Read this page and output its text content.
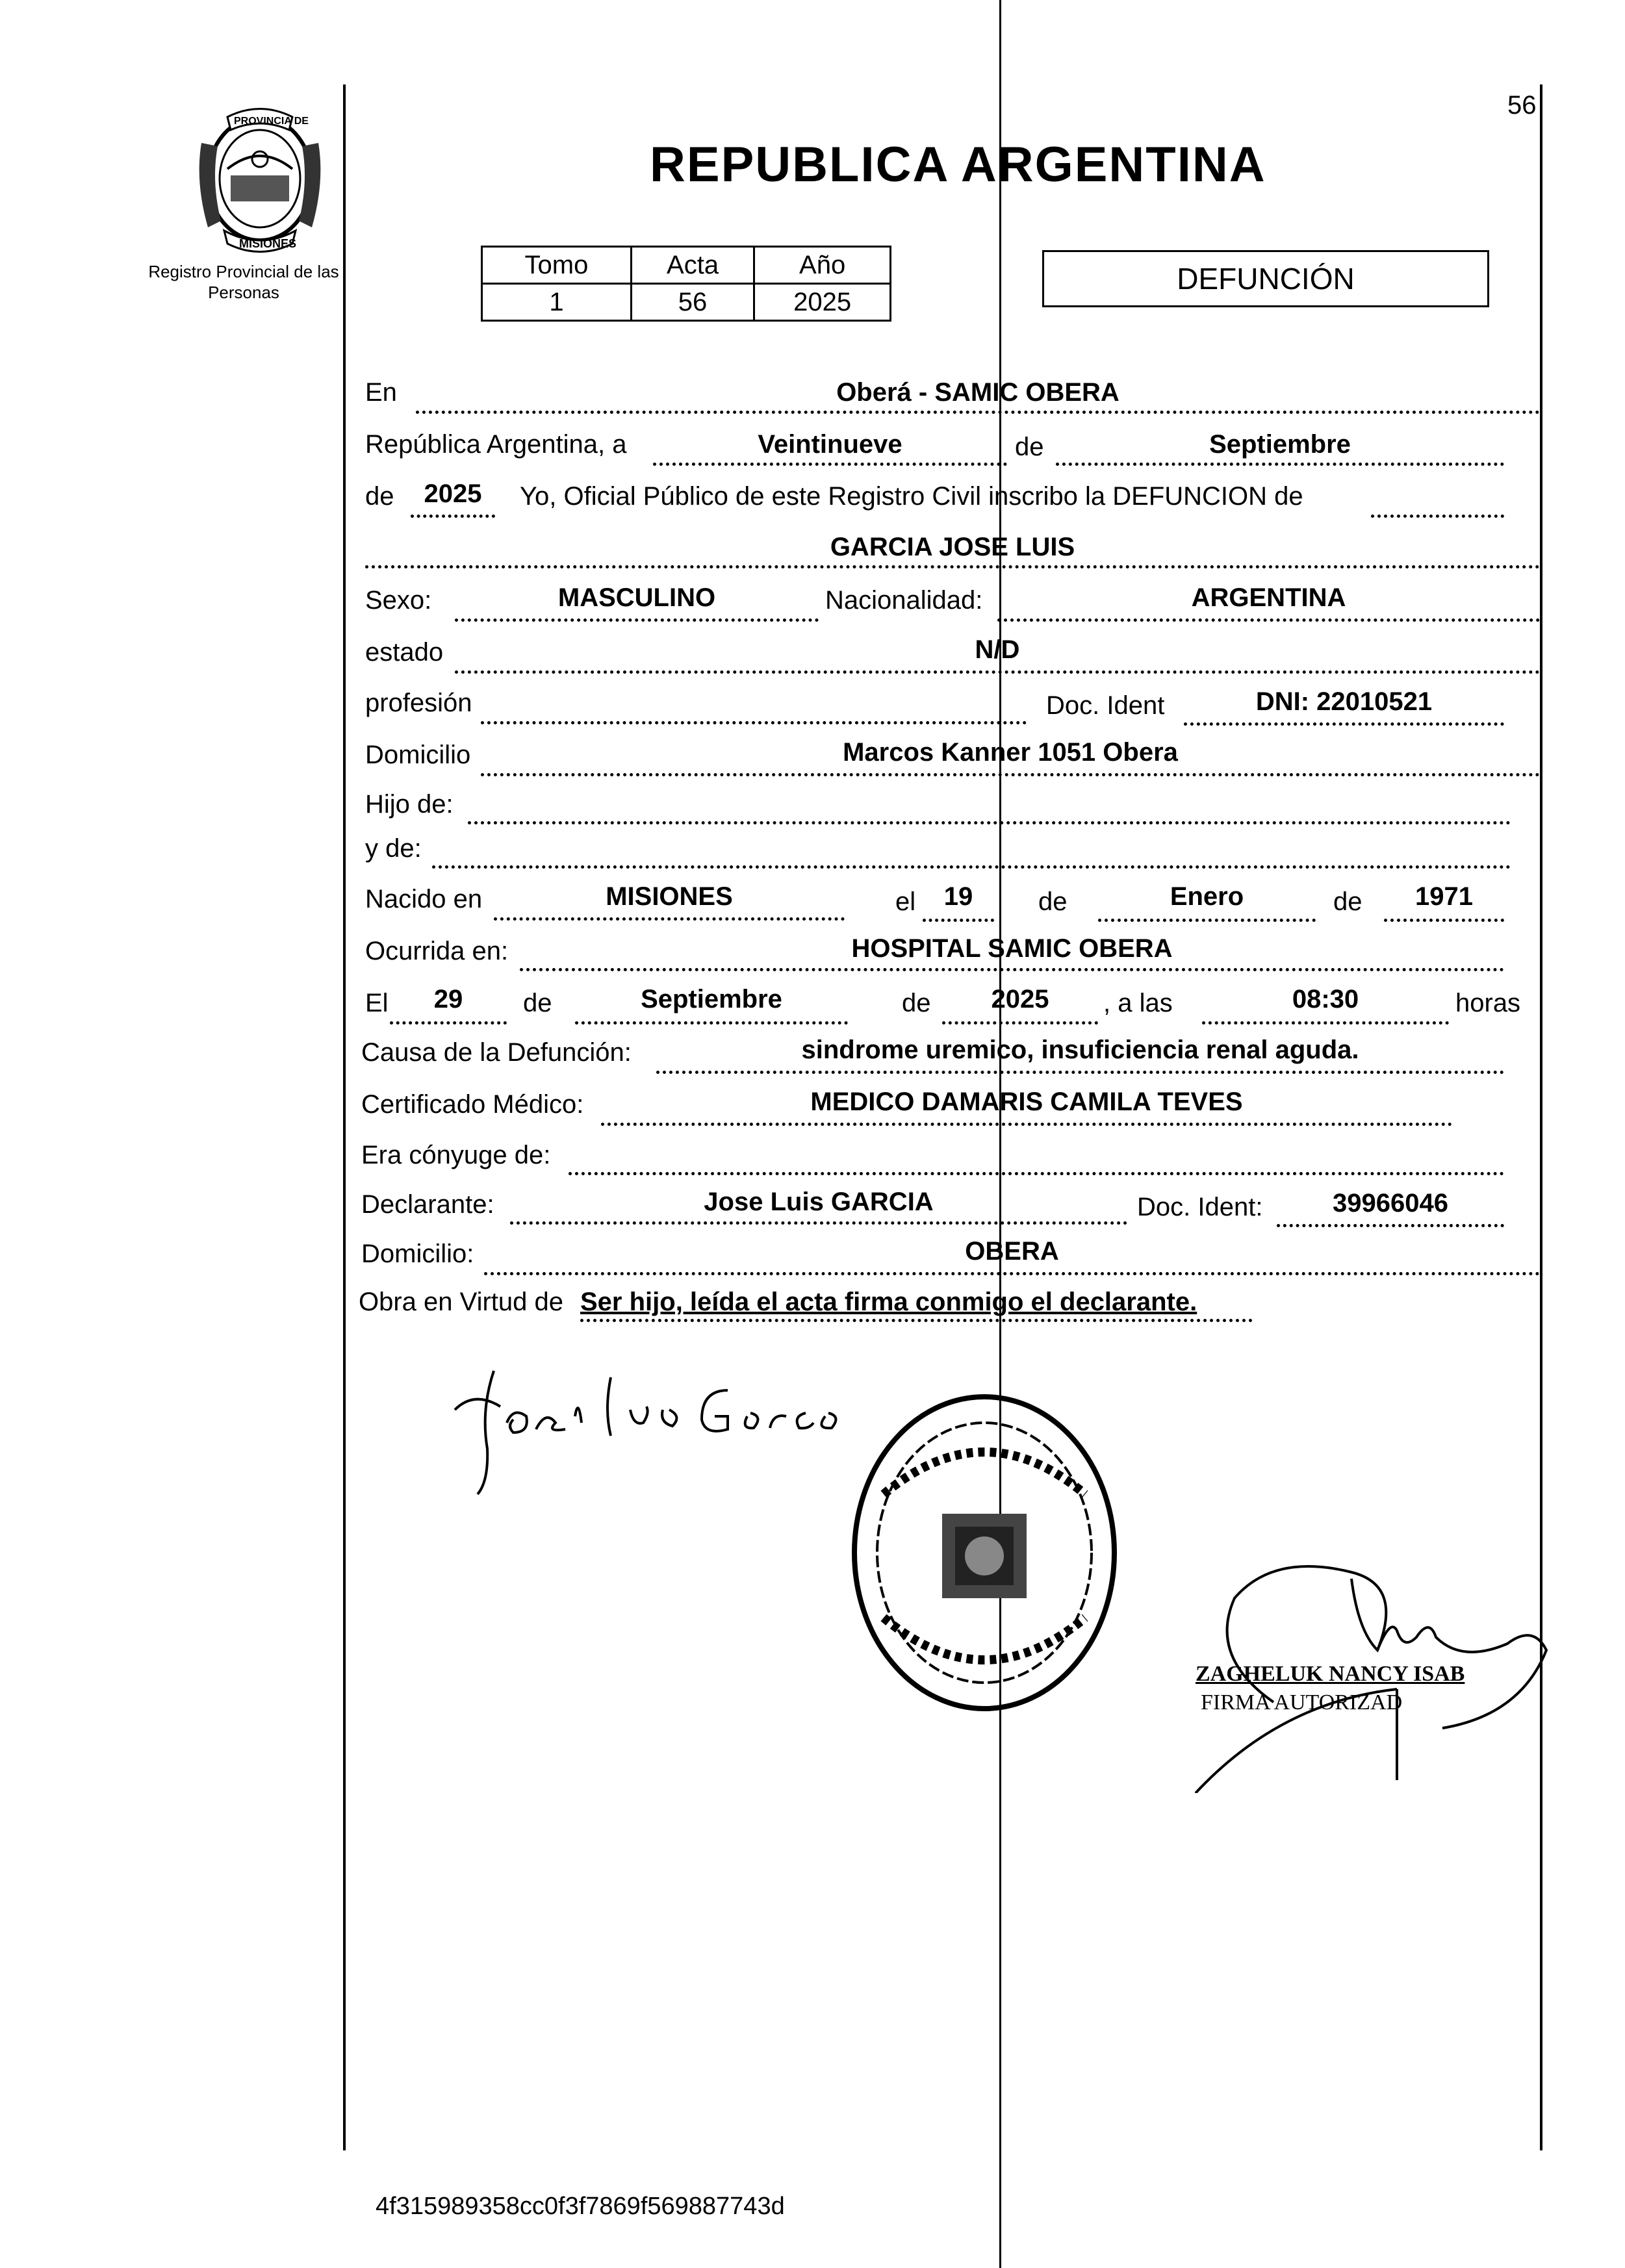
56
PROVINCIA DE
MISIONES
Registro Provincial de las Personas
REPUBLICA ARGENTINA
Tomo	Acta	Año
1	56	2025
DEFUNCIÓN
En	Oberá - SAMIC OBERA
República Argentina, a	Veintinueve	de	Septiembre
de	2025	Yo, Oficial Público de este Registro Civil inscribo la DEFUNCION de
GARCIA JOSE LUIS
Sexo:	MASCULINO	Nacionalidad:	ARGENTINA
estado	N/D
profesión	Doc. Ident	DNI: 22010521
Domicilio	Marcos Kanner 1051 Obera
Hijo de:
y de:
Nacido en	MISIONES	el	19	de	Enero	de	1971
Ocurrida en:	HOSPITAL SAMIC OBERA
El	29	de	Septiembre	de	2025	, a las	08:30	horas
Causa de la Defunción:	sindrome uremico, insuficiencia renal aguda.
Certificado Médico:	MEDICO DAMARIS CAMILA TEVES
Era cónyuge de:
Declarante:	Jose Luis GARCIA	Doc. Ident:	39966046
Domicilio:	OBERA
Obra en Virtud de Ser hijo, leída el acta firma conmigo el declarante.
ZAGHELUK NANCY ISAB
FIRMA AUTORIZAD
4f315989358cc0f3f7869f569887743d
